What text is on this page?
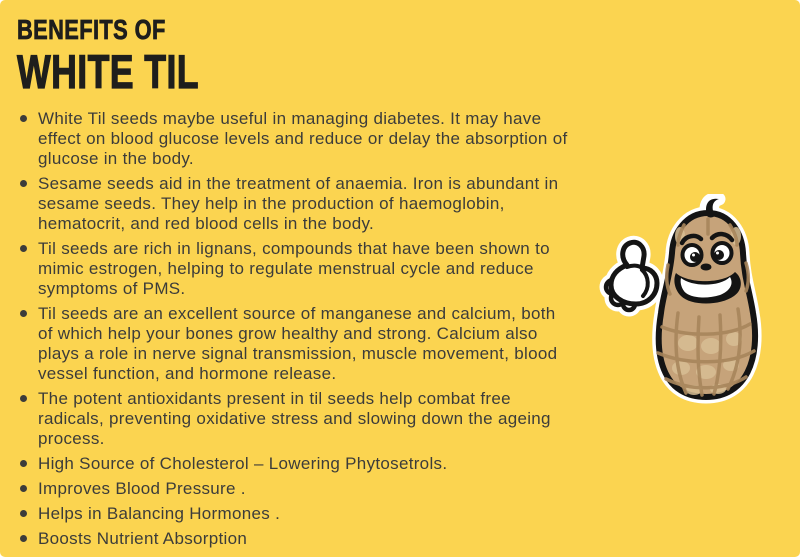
BENEFITS OF
WHITE TIL
White Til seeds maybe useful in managing diabetes. It may have effect on blood glucose levels and reduce or delay the absorption of glucose in the body.
Sesame seeds aid in the treatment of anaemia. Iron is abundant in sesame seeds. They help in the production of haemoglobin, hematocrit, and red blood cells in the body.
Til seeds are rich in lignans, compounds that have been shown to mimic estrogen, helping to regulate menstrual cycle and reduce symptoms of PMS.
Til seeds are an excellent source of manganese and calcium, both of which help your bones grow healthy and strong. Calcium also plays a role in nerve signal transmission, muscle movement, blood vessel function, and hormone release.
The potent antioxidants present in til seeds help combat free radicals, preventing oxidative stress and slowing down the ageing process.
High Source of Cholesterol – Lowering Phytosetrols.
Improves Blood Pressure .
Helps in Balancing Hormones .
Boosts Nutrient Absorption
